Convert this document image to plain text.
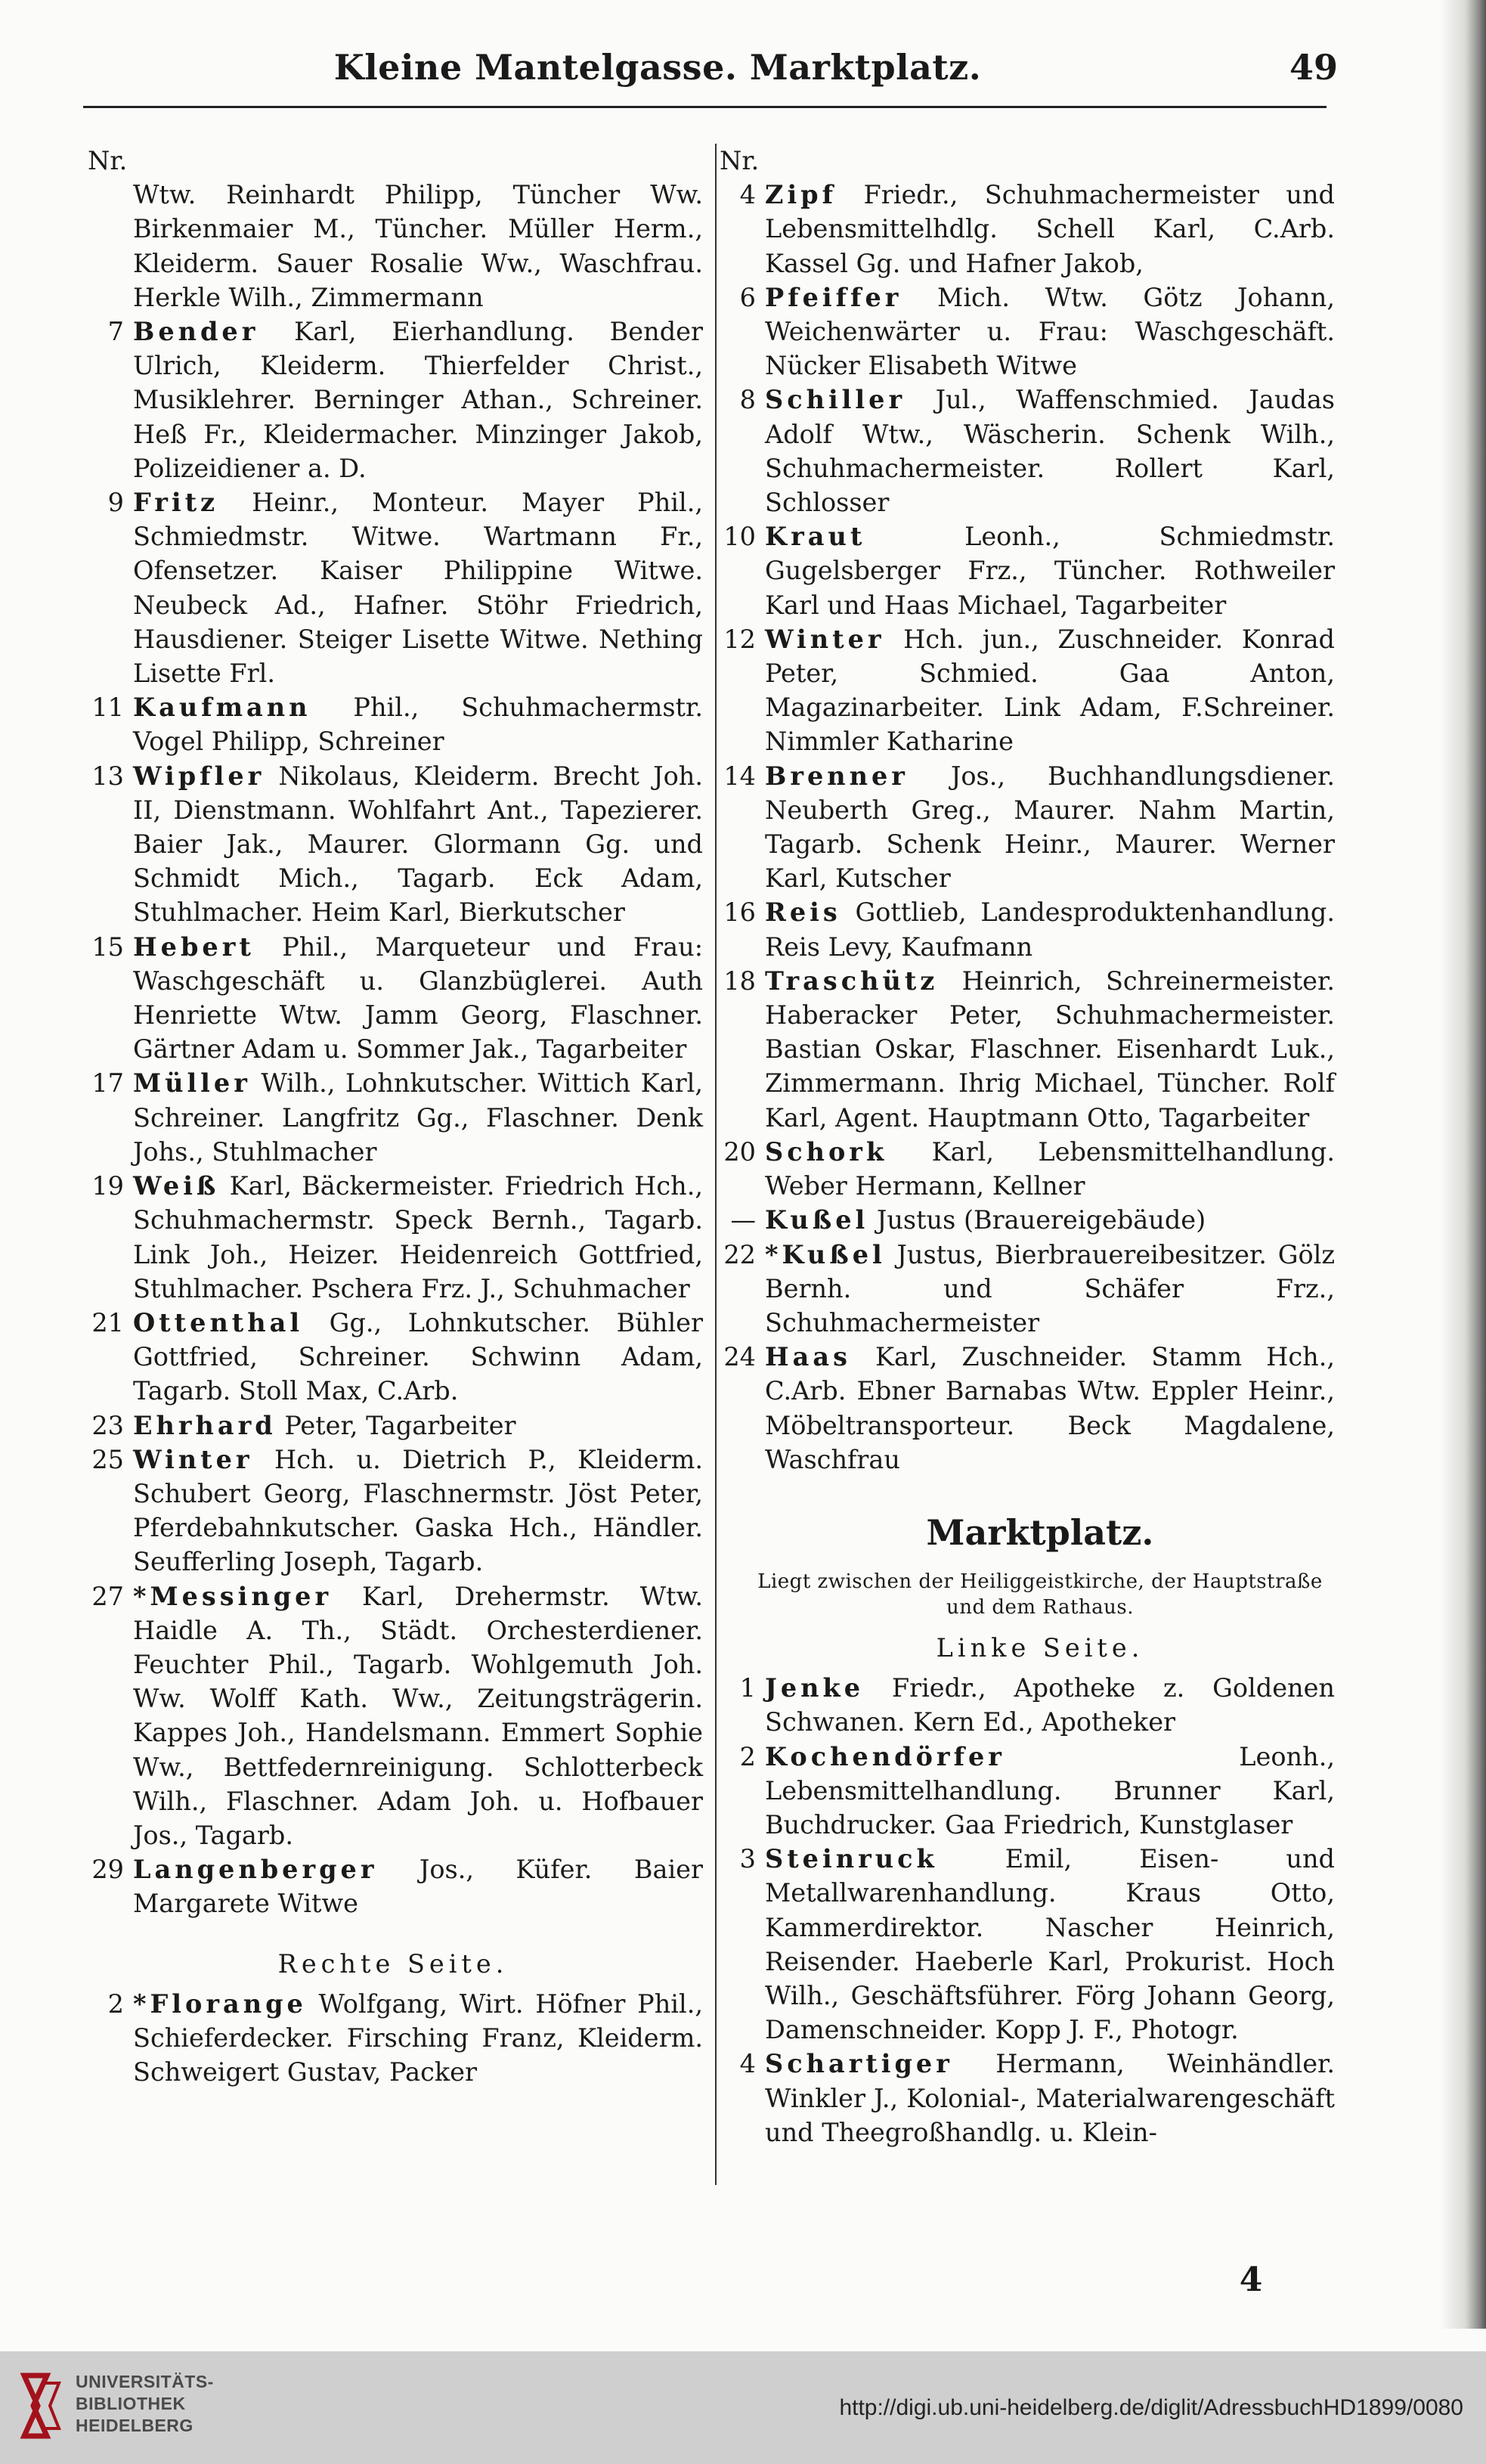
Kleine Mantelgasse. Marktplatz.	49
Nr.
Wtw. Reinhardt Philipp, Tüncher Ww. Birkenmaier M., Tüncher. Müller Herm., Kleiderm. Sauer Rosalie Ww., Waschfrau. Herkle Wilh., Zimmermann
7 Bender Karl, Eierhandlung. Bender Ulrich, Kleiderm. Thierfelder Christ., Musiklehrer. Berninger Athan., Schreiner. Heß Fr., Kleidermacher. Minzinger Jakob, Polizeidiener a. D.
9 Fritz Heinr., Monteur. Mayer Phil., Schmiedmstr. Witwe. Wartmann Fr., Ofensetzer. Kaiser Philippine Witwe. Neubeck Ad., Hafner. Stöhr Friedrich, Hausdiener. Steiger Lisette Witwe. Nething Lisette Frl.
11 Kaufmann Phil., Schuhmachermstr. Vogel Philipp, Schreiner
13 Wipfler Nikolaus, Kleiderm. Brecht Joh. II, Dienstmann. Wohlfahrt Ant., Tapezierer. Baier Jak., Maurer. Glormann Gg. und Schmidt Mich., Tagarb. Eck Adam, Stuhlmacher. Heim Karl, Bierkutscher
15 Hebert Phil., Marqueteur und Frau: Waschgeschäft u. Glanzbüglerei. Auth Henriette Wtw. Jamm Georg, Flaschner. Gärtner Adam u. Sommer Jak., Tagarbeiter
17 Müller Wilh., Lohnkutscher. Wittich Karl, Schreiner. Langfritz Gg., Flaschner. Denk Johs., Stuhlmacher
19 Weiß Karl, Bäckermeister. Friedrich Hch., Schuhmachermstr. Speck Bernh., Tagarb. Link Joh., Heizer. Heidenreich Gottfried, Stuhlmacher. Pschera Frz. J., Schuhmacher
21 Ottenthal Gg., Lohnkutscher. Bühler Gottfried, Schreiner. Schwinn Adam, Tagarb. Stoll Max, C.Arb.
23 Ehrhard Peter, Tagarbeiter
25 Winter Hch. u. Dietrich P., Kleiderm. Schubert Georg, Flaschnermstr. Jöst Peter, Pferdebahnkutscher. Gaska Hch., Händler. Seufferling Joseph, Tagarb.
27 *Messinger Karl, Drehermstr. Wtw. Haidle A. Th., Städt. Orchesterdiener. Feuchter Phil., Tagarb. Wohlgemuth Joh. Ww. Wolff Kath. Ww., Zeitungsträgerin. Kappes Joh., Handelsmann. Emmert Sophie Ww., Bettfedernreinigung. Schlotterbeck Wilh., Flaschner. Adam Joh. u. Hofbauer Jos., Tagarb.
29 Langenberger Jos., Küfer. Baier Margarete Witwe
Rechte Seite.
2 *Florange Wolfgang, Wirt. Höfner Phil., Schieferdecker. Firsching Franz, Kleiderm. Schweigert Gustav, Packer
Nr.
4 Zipf Friedr., Schuhmachermeister und Lebensmittelhdlg. Schell Karl, C.Arb. Kassel Gg. und Hafner Jakob,
6 Pfeiffer Mich. Wtw. Götz Johann, Weichenwärter u. Frau: Waschgeschäft. Nücker Elisabeth Witwe
8 Schiller Jul., Waffenschmied. Jaudas Adolf Wtw., Wäscherin. Schenk Wilh., Schuhmachermeister. Rollert Karl, Schlosser
10 Kraut Leonh., Schmiedmstr. Gugelsberger Frz., Tüncher. Rothweiler Karl und Haas Michael, Tagarbeiter
12 Winter Hch. jun., Zuschneider. Konrad Peter, Schmied. Gaa Anton, Magazinarbeiter. Link Adam, F.Schreiner. Nimmler Katharine
14 Brenner Jos., Buchhandlungsdiener. Neuberth Greg., Maurer. Nahm Martin, Tagarb. Schenk Heinr., Maurer. Werner Karl, Kutscher
16 Reis Gottlieb, Landesproduktenhandlung. Reis Levy, Kaufmann
18 Traschütz Heinrich, Schreinermeister. Haberacker Peter, Schuhmachermeister. Bastian Oskar, Flaschner. Eisenhardt Luk., Zimmermann. Ihrig Michael, Tüncher. Rolf Karl, Agent. Hauptmann Otto, Tagarbeiter
20 Schork Karl, Lebensmittelhandlung. Weber Hermann, Kellner
— Kußel Justus (Brauereigebäude)
22 *Kußel Justus, Bierbrauereibesitzer. Gölz Bernh. und Schäfer Frz., Schuhmachermeister
24 Haas Karl, Zuschneider. Stamm Hch., C.Arb. Ebner Barnabas Wtw. Eppler Heinr., Möbeltransporteur. Beck Magdalene, Waschfrau
Marktplatz.
Liegt zwischen der Heiliggeistkirche, der Hauptstraße und dem Rathaus.
Linke Seite.
1 Jenke Friedr., Apotheke z. Goldenen Schwanen. Kern Ed., Apotheker
2 Kochendörfer Leonh., Lebensmittelhandlung. Brunner Karl, Buchdrucker. Gaa Friedrich, Kunstglaser
3 Steinruck Emil, Eisen- und Metallwarenhandlung. Kraus Otto, Kammerdirektor. Nascher Heinrich, Reisender. Haeberle Karl, Prokurist. Hoch Wilh., Geschäftsführer. Förg Johann Georg, Damenschneider. Kopp J. F., Photogr.
4 Schartiger Hermann, Weinhändler. Winkler J., Kolonial-, Materialwarengeschäft und Theegroßhandlg. u. Klein-
4
UNIVERSITÄTS-
BIBLIOTHEK
HEIDELBERG
http://digi.ub.uni-heidelberg.de/diglit/AdressbuchHD1899/0080
